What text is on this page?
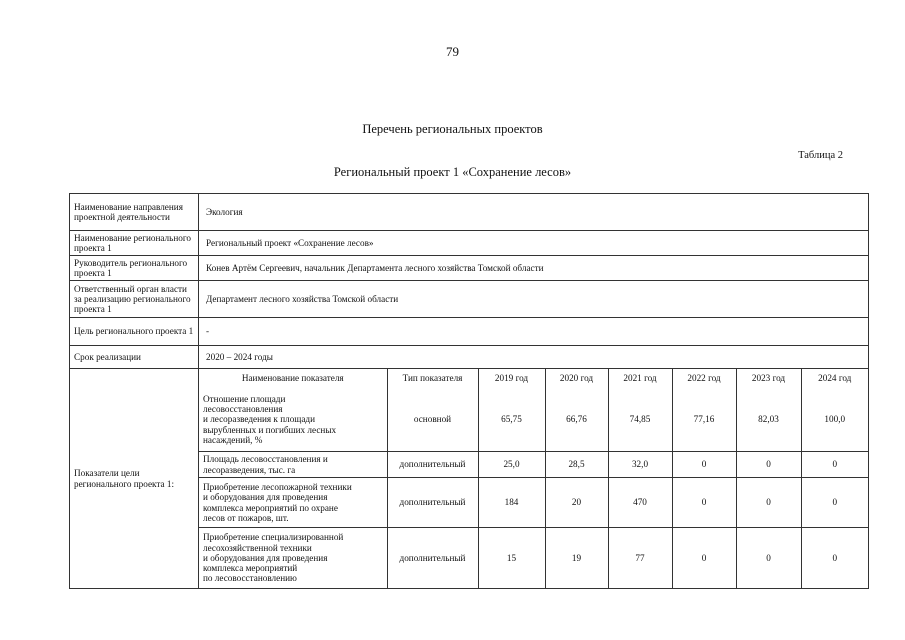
79
Перечень региональных проектов
Таблица 2
Региональный проект 1 «Сохранение лесов»
Наименование направления проектной деятельности	Экология
Наименование регионального проекта 1	Региональный проект «Сохранение лесов»
Руководитель регионального проекта 1	Конев Артём Сергеевич, начальник Департамента лесного хозяйства Томской области
Ответственный орган власти за реализацию регионального проекта 1	Департамент лесного хозяйства Томской области
Цель регионального проекта 1	-
Срок реализации	2020 – 2024 годы
Показатели цели регионального проекта 1:	
Наименование показателя	Тип показателя	2019 год	2020 год	2021 год	2022 год	2023 год	2024 год

Отношение площади
лесовосстановления
и лесоразведения к площади
вырубленных и погибших лесных
насаждений, %
	основной	65,75	66,76	74,85	77,16	82,03	100,0

Площадь лесовосстановления и
лесоразведения, тыс. га
	дополнительный	25,0	28,5	32,0	0	0	0

Приобретение лесопожарной техники
и оборудования для проведения
комплекса мероприятий по охране
лесов от пожаров, шт.
	дополнительный	184	20	470	0	0	0

Приобретение специализированной
лесохозяйственной техники
и оборудования для проведения
комплекса мероприятий
по лесовосстановлению
	дополнительный	15	19	77	0	0	0
